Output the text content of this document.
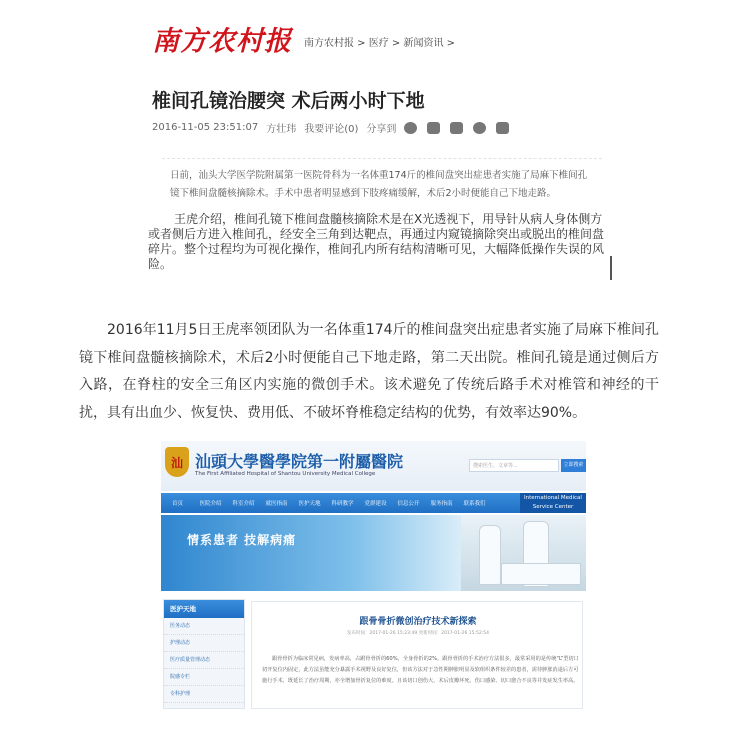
南方农村报 南方农村报 > 医疗 > 新闻资讯 >
椎间孔镜治腰突 术后两小时下地
2016-11-05 23:51:07 方壮玮 我要评论(0) 分享到
日前，汕头大学医学院附属第一医院骨科为一名体重174斤的椎间盘突出症患者实施了局麻下椎间孔镜下椎间盘髓核摘除术。手术中患者明显感到下肢疼痛缓解，术后2小时便能自己下地走路。
王虎介绍，椎间孔镜下椎间盘髓核摘除术是在X光透视下，用导针从病人身体侧方或者侧后方进入椎间孔，经安全三角到达靶点，再通过内窥镜摘除突出或脱出的椎间盘碎片。整个过程均为可视化操作，椎间孔内所有结构清晰可见，大幅降低操作失误的风险。

2016年11月5日王虎率领团队为一名体重174斤的椎间盘突出症患者实施了局麻下椎间孔镜下椎间盘髓核摘除术，术后2小时便能自己下地走路，第二天出院。椎间孔镜是通过侧后方入路，在脊柱的安全三角区内实施的微创手术。该术避免了传统后路手术对椎管和神经的干扰，具有出血少、恢复快、费用低、不破坏脊椎稳定结构的优势，有效率达90%。

汕 汕頭大學醫學院第一附屬醫院
The First Affiliated Hospital of Shantou University Medical College
搜索医生、文章等...	立即搜索
首页	医院介绍	科室介绍	就医指南	医护天地	科研教学	党群建设	信息公开	服务指南	联系我们
International Medical Service Center
情系患者 技解病痛
医护天地
医务动态
护理动态
医疗质量管理动态
院感专栏
专科护理
跟骨骨折微创治疗技术新探索
发布时间：2017-01-26 15:23:49 更新时间：2017-01-26 15:52:54
跟骨骨折为临床常见病，发病率高，占跗骨骨折的60%，全身骨折的2%。跟骨骨折的手术治疗方法很多，最常采用的是传统“L”型切口切开复位内固定，此方法虽能充分暴露手术视野及良好复位，但该方法对于急性期肿胀明显及软组织条件较差的患者，需待肿胀消退后方可施行手术，既延长了治疗周期，亦全增加骨折复位的难度。且该切口创伤大，术后皮瓣坏死、伤口感染、切口愈合不良等并发症发生率高。
